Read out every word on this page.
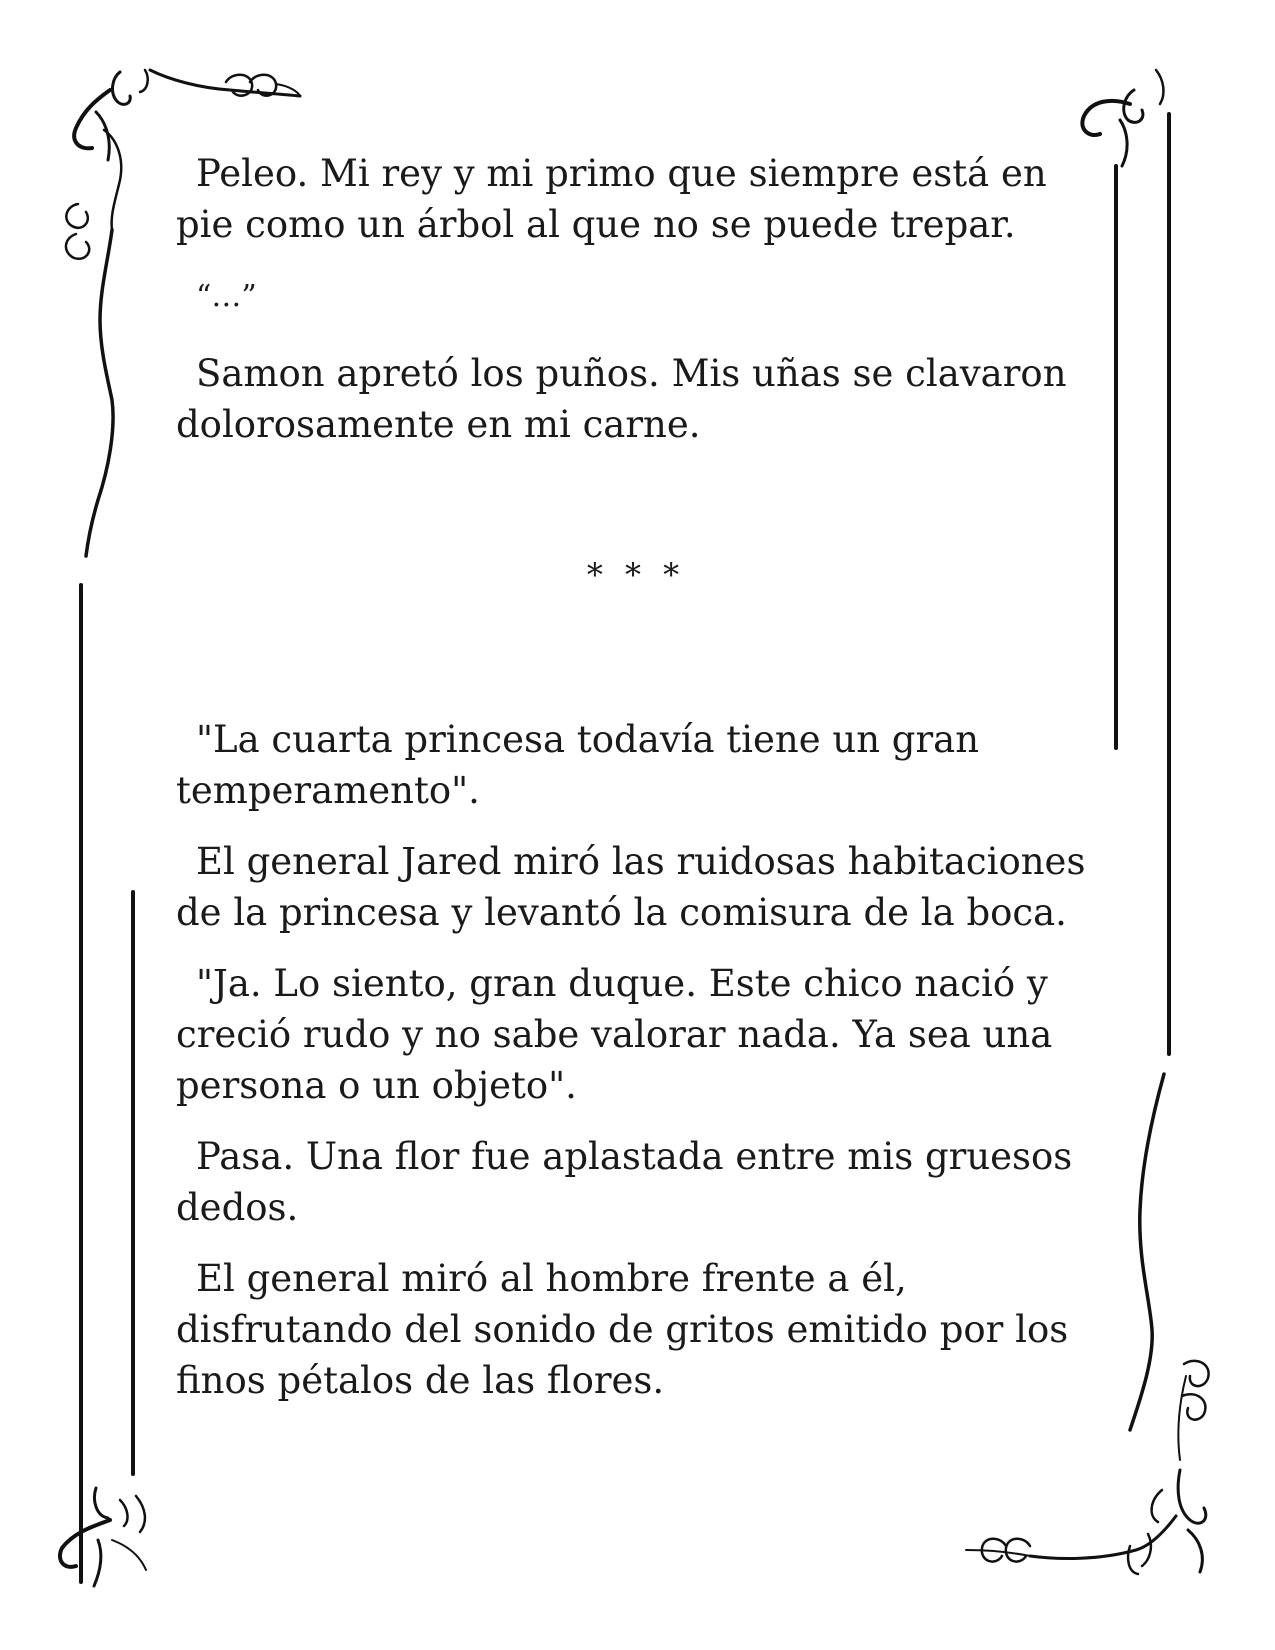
Peleo. Mi rey y mi primo que siempre está en pie como un árbol al que no se puede trepar.

“…”

Samon apretó los puños. Mis uñas se clavaron dolorosamente en mi carne.

* * *

"La cuarta princesa todavía tiene un gran temperamento".

El general Jared miró las ruidosas habitaciones de la princesa y levantó la comisura de la boca.

"Ja. Lo siento, gran duque. Este chico nació y creció rudo y no sabe valorar nada. Ya sea una persona o un objeto".

Pasa. Una flor fue aplastada entre mis gruesos dedos.

El general miró al hombre frente a él, disfrutando del sonido de gritos emitido por los finos pétalos de las flores.
